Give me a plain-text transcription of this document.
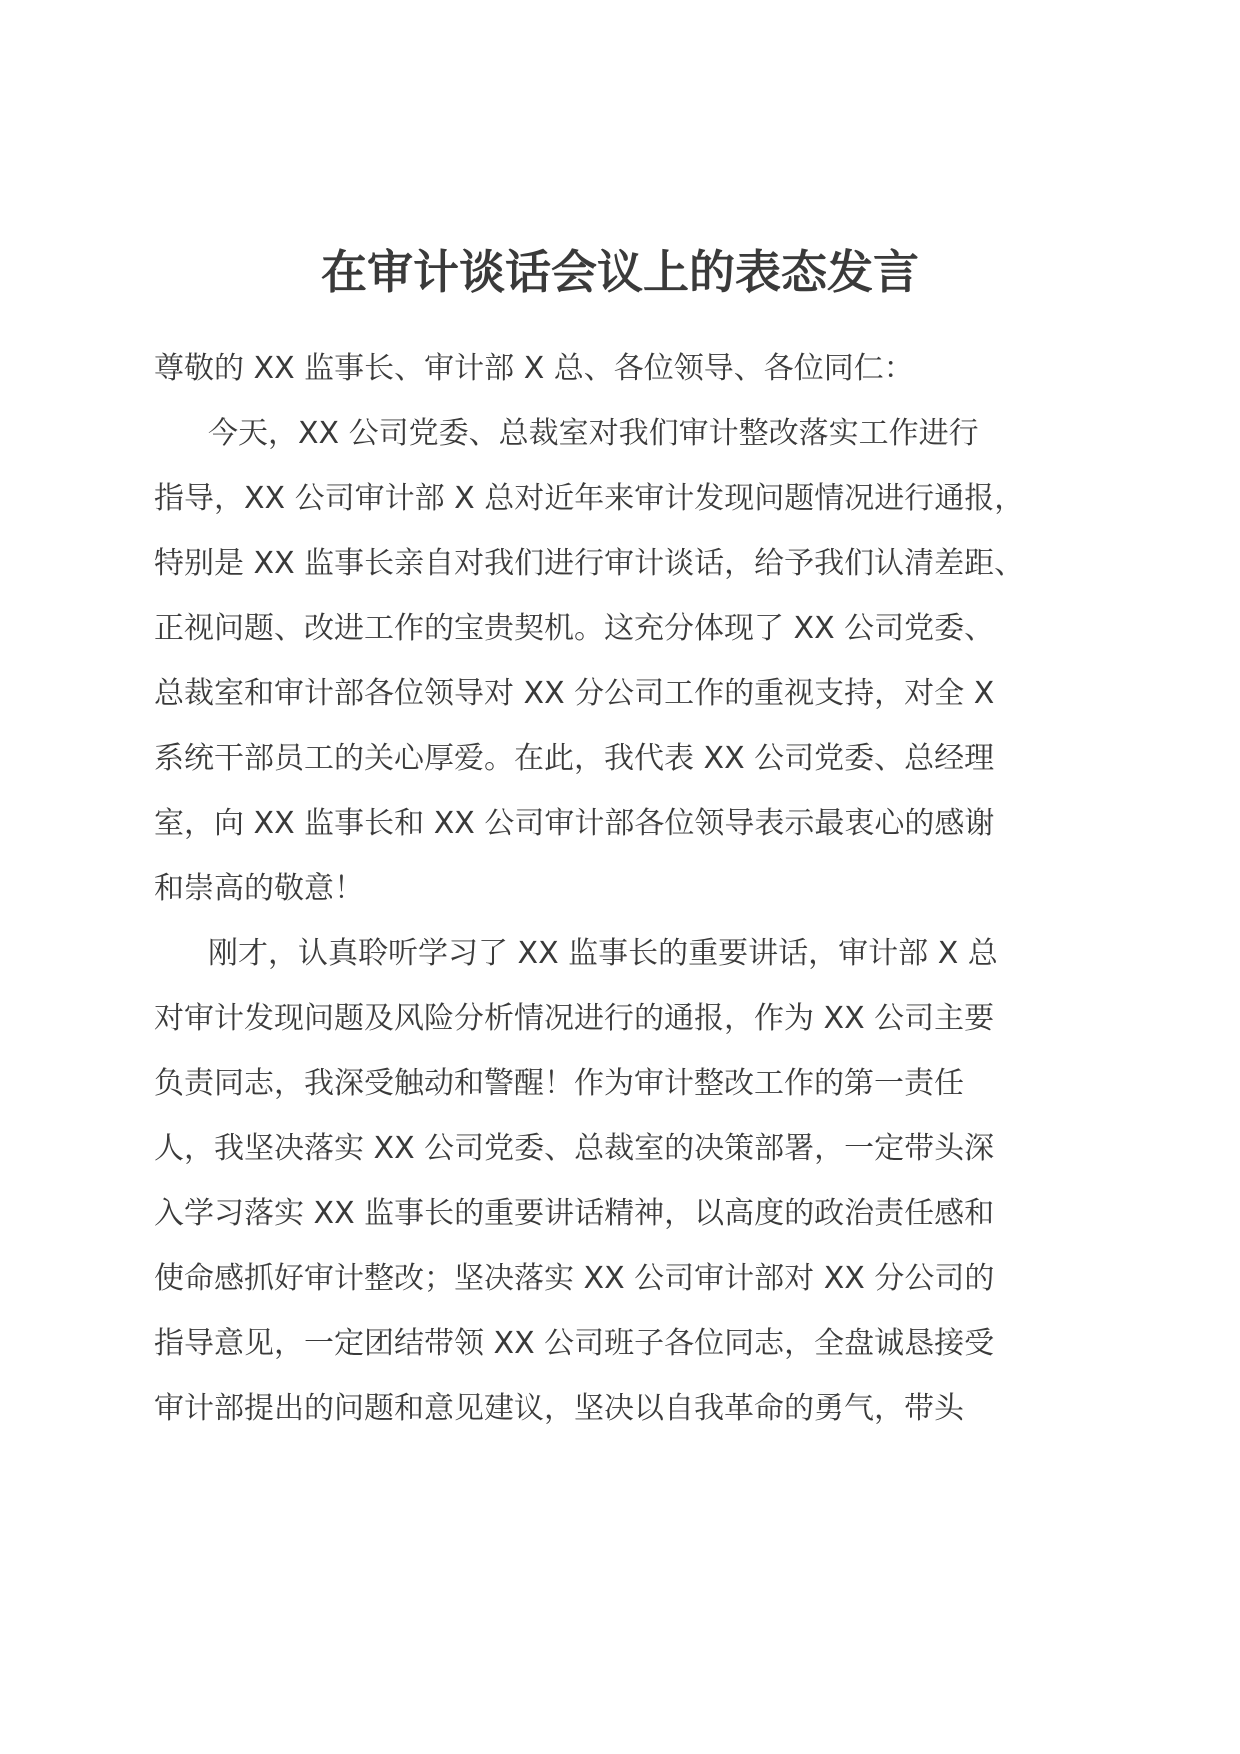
在审计谈话会议上的表态发言
尊敬的 XX 监事长、审计部 X 总、各位领导、各位同仁：
今天，XX 公司党委、总裁室对我们审计整改落实工作进行
指导，XX 公司审计部 X 总对近年来审计发现问题情况进行通报，
特别是 XX 监事长亲自对我们进行审计谈话，给予我们认清差距、
正视问题、改进工作的宝贵契机。这充分体现了 XX 公司党委、
总裁室和审计部各位领导对 XX 分公司工作的重视支持，对全 X
系统干部员工的关心厚爱。在此，我代表 XX 公司党委、总经理
室，向 XX 监事长和 XX 公司审计部各位领导表示最衷心的感谢
和崇高的敬意！
刚才，认真聆听学习了 XX 监事长的重要讲话，审计部 X 总
对审计发现问题及风险分析情况进行的通报，作为 XX 公司主要
负责同志，我深受触动和警醒！作为审计整改工作的第一责任
人，我坚决落实 XX 公司党委、总裁室的决策部署，一定带头深
入学习落实 XX 监事长的重要讲话精神，以高度的政治责任感和
使命感抓好审计整改；坚决落实 XX 公司审计部对 XX 分公司的
指导意见，一定团结带领 XX 公司班子各位同志，全盘诚恳接受
审计部提出的问题和意见建议，坚决以自我革命的勇气，带头
